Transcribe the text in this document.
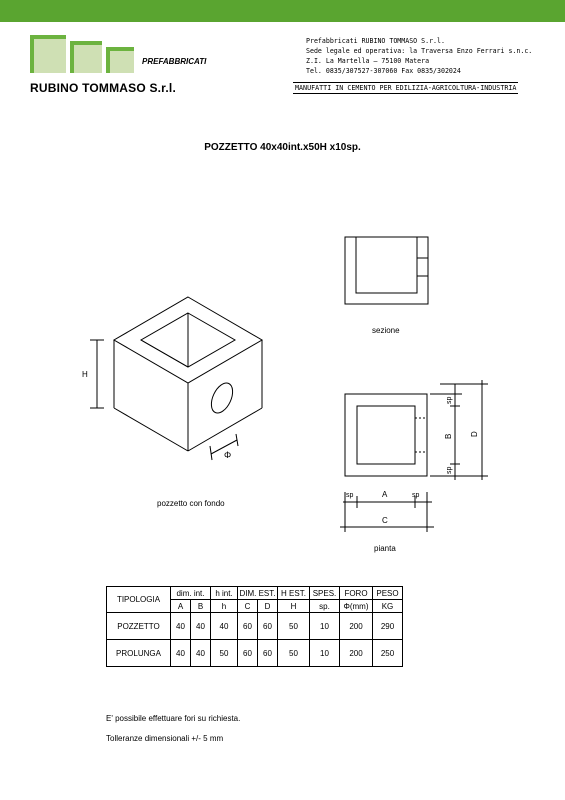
PREFABBRICATI
RUBINO TOMMASO S.r.l.
Prefabbricati RUBINO TOMMASO S.r.l.
Sede legale ed operativa: la Traversa Enzo Ferrari s.n.c.
Z.I. La Martella — 75100 Matera
Tel. 0835/307527-307060 Fax 0835/302024
MANUFATTI IN CEMENTO PER EDILIZIA-AGRICOLTURA-INDUSTRIA
POZZETTO 40x40int.x50H x10sp.
H
Φ
sp
B
sp
D
sp	A	sp
C
sezione
pozzetto con fondo
pianta
TIPOLOGIA	dim. int.		h int.	DIM. EST.		H EST.	SPES.	FORO	PESO
	A	B	h	C	D	H	sp.	Φ(mm)	KG
POZZETTO	40	40	40	60	60	50	10	200	290
PROLUNGA	40	40	50	60	60	50	10	200	250
E' possibile effettuare fori su richiesta.
Tolleranze dimensionali +/- 5 mm
